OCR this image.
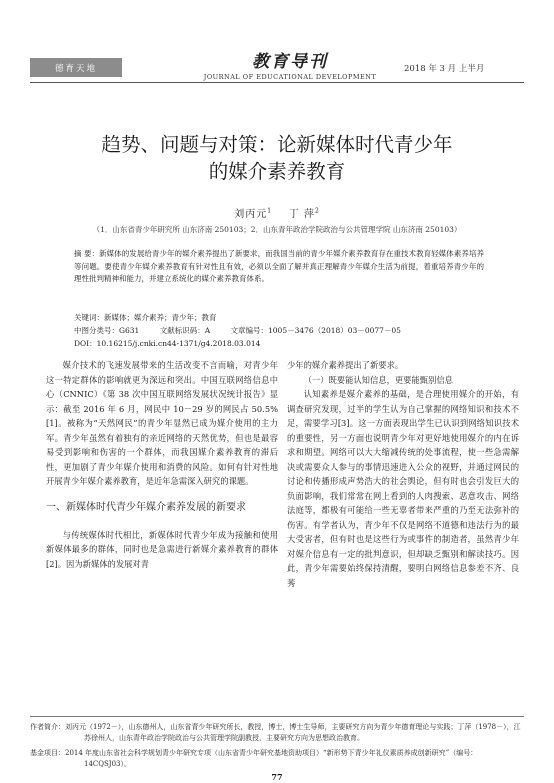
德育天地	教育导刊
JOURNAL OF EDUCATIONAL DEVELOPMENT
2018 年 3 月 上半月
趋势、问题与对策：论新媒体时代青少年
的媒介素养教育
刘丙元$^1$ 丁 萍$^2$
（1．山东省青少年研究所 山东济南 250103；2．山东青年政治学院政治与公共管理学院 山东济南 250103）
摘 要：新媒体的发展给青少年的媒介素养提出了新要求，而我国当前的青少年媒介素养教育存在重技术教育轻媒体素养培养等问题。要使青少年媒介素养教育有针对性且有效，必须以全面了解并真正理解青少年媒介生活为前提，着重培养青少年的理性批判精神和能力，并建立系统化的媒介素养教育体系。
关键词：新媒体；媒介素养；青少年；教育
中图分类号：G631	文献标识码：A	文章编号：1005－3476（2018）03－0077－05
DOI：10.16215/j.cnki.cn44-1371/g4.2018.03.014

媒介技术的飞速发展带来的生活改变不言而喻，对青少年这一特定群体的影响就更为深远和突出。中国互联网络信息中心（CNNIC）《第 38 次中国互联网络发展状况统计报告》显示：截至 2016 年 6 月，网民中 10－29 岁的网民占 50.5%[1]。被称为“天然网民”的青少年显然已成为媒介使用的主力军。青少年虽然有着独有的亲近网络的天然优势，但也是最容易受到影响和伤害的一个群体，而我国媒介素养教育的滞后性，更加剧了青少年媒介使用和消费的风险。如何有针对性地开展青少年媒介素养教育，是近年急需深入研究的课题。

一、新媒体时代青少年媒介素养发展的新要求

与传统媒体时代相比，新媒体时代青少年成为接触和使用新媒体最多的群体，同时也是急需进行新媒介素养教育的群体[2]。因为新媒体的发展对青

少年的媒介素养提出了新要求。

（一）既要能认知信息，更要能甄别信息

认知素养是媒介素养的基础，是合理使用媒介的开始，有调查研究发现，过半的学生认为自己掌握的网络知识和技术不足，需要学习[3]。这一方面表现出学生已认识到网络知识技术的重要性，另一方面也说明青少年对更好地使用媒介的内在诉求和期望。网络可以大大缩减传统的处事流程，使一些急需解决或需要众人参与的事情迅速进入公众的视野，并通过网民的讨论和传播形成声势浩大的社会舆论，但有时也会引发巨大的负面影响，我们常常在网上看到的人肉搜索、恶意攻击、网络法庭等，都极有可能给一些无辜者带来严重的乃至无法弥补的伤害。有学者认为，青少年不仅是网络不道德和违法行为的最大受害者，但有时也是这些行为或事件的制造者，虽然青少年对媒介信息有一定的批判意识，但却缺乏甄别和解读技巧。因此，青少年需要始终保持清醒，要明白网络信息参差不齐、良莠

作者简介：刘丙元（1972－），山东德州人，山东省青少年研究所长，教授，博士，博士生导师，主要研究方向为青少年德育理论与实践；丁萍（1978－），江苏徐州人，山东青年政治学院政治与公共管理学院副教授，主要研究方向为思想政治教育。
基金项目：2014 年度山东省社会科学规划青少年研究专项（山东省青少年研究基地资助项目）“新形势下青少年礼仪素质养成创新研究”（编号：14CQSJ03）。
77
